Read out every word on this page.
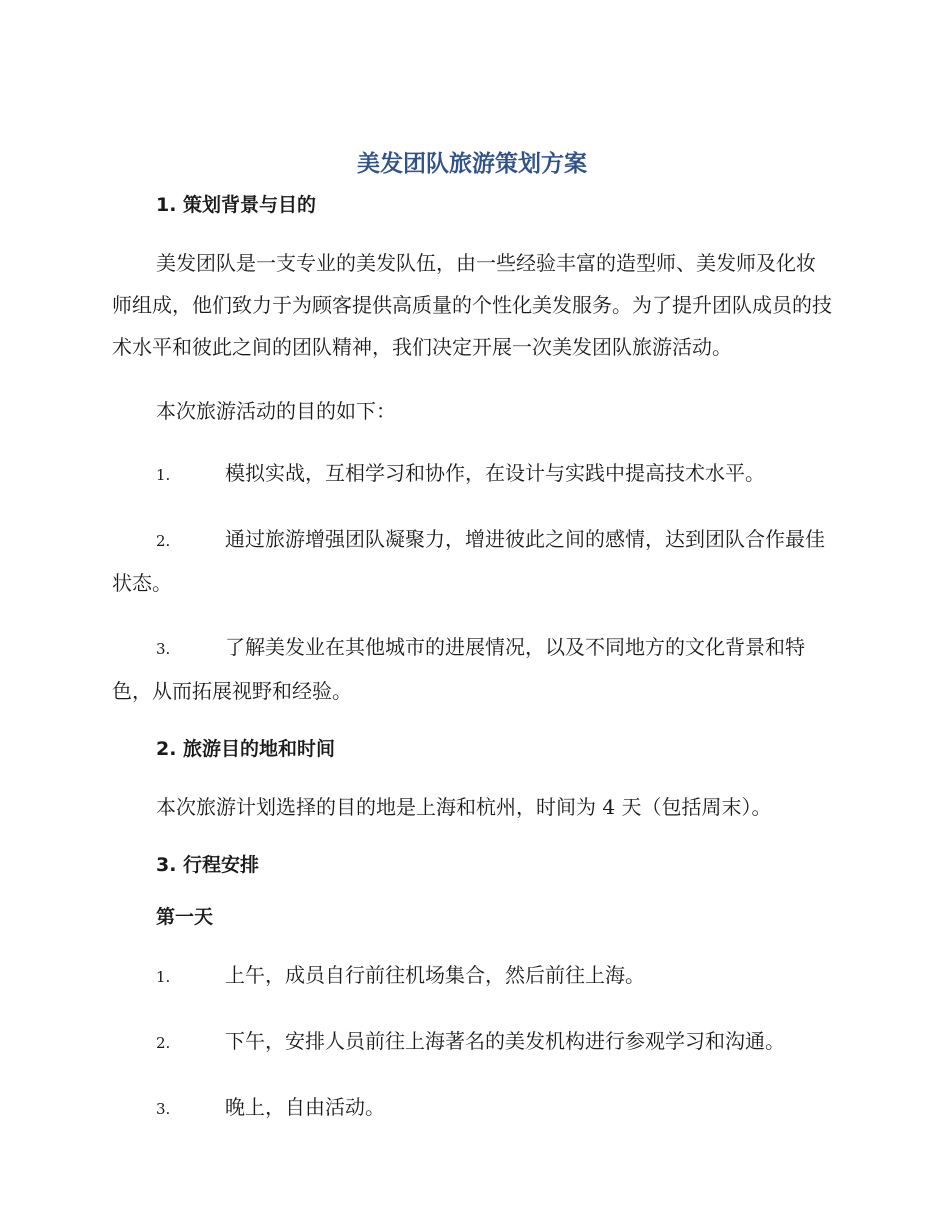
美发团队旅游策划方案
1. 策划背景与目的

美发团队是一支专业的美发队伍，由一些经验丰富的造型师、美发师及化妆师组成，他们致力于为顾客提供高质量的个性化美发服务。为了提升团队成员的技术水平和彼此之间的团队精神，我们决定开展一次美发团队旅游活动。

本次旅游活动的目的如下：

1.	模拟实战，互相学习和协作，在设计与实践中提高技术水平。
2.	通过旅游增强团队凝聚力，增进彼此之间的感情，达到团队合作最佳状态。
3.	了解美发业在其他城市的进展情况，以及不同地方的文化背景和特色，从而拓展视野和经验。
2. 旅游目的地和时间

本次旅游计划选择的目的地是上海和杭州，时间为 4 天（包括周末）。

3. 行程安排
第一天
1.	上午，成员自行前往机场集合，然后前往上海。
2.	下午，安排人员前往上海著名的美发机构进行参观学习和沟通。
3.	晚上，自由活动。
